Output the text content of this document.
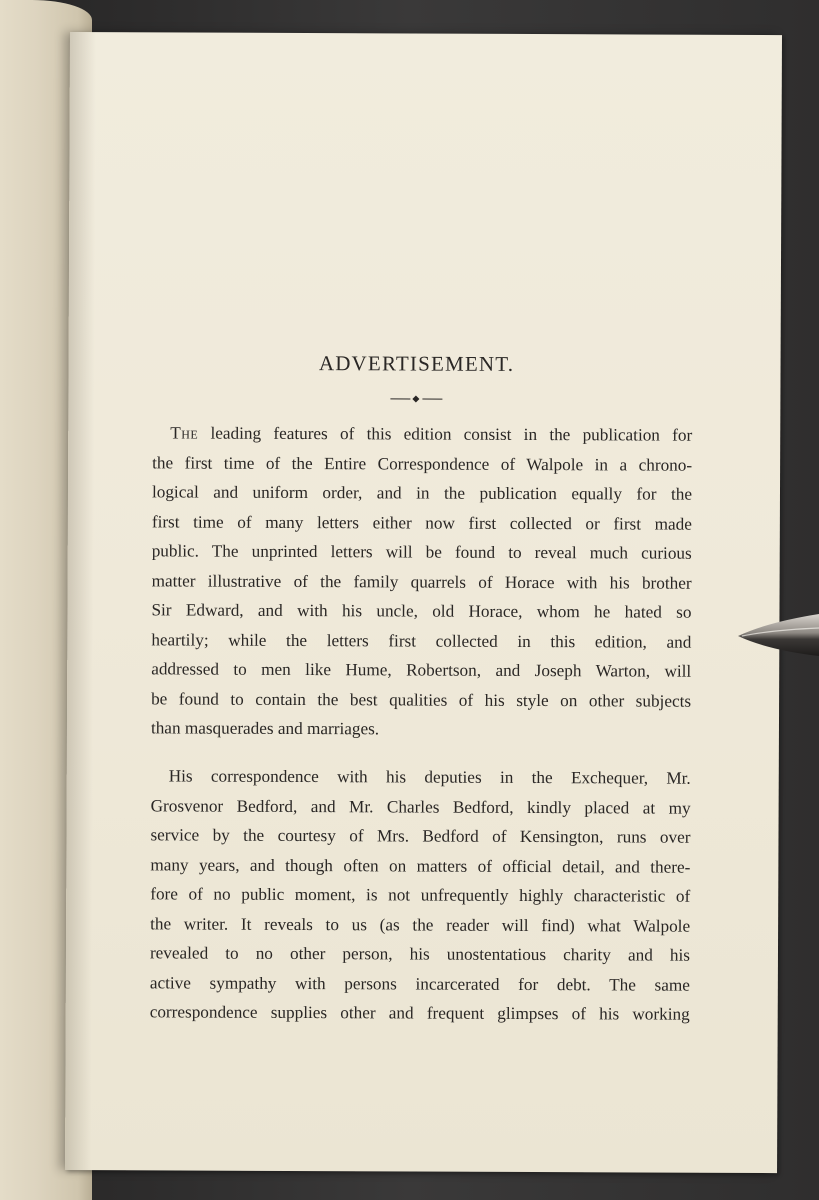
ADVERTISEMENT.
The leading features of this edition consist in the publication for
the first time of the Entire Correspondence of Walpole in a chrono-
logical and uniform order, and in the publication equally for the
first time of many letters either now first collected or first made
public. The unprinted letters will be found to reveal much curious
matter illustrative of the family quarrels of Horace with his brother
Sir Edward, and with his uncle, old Horace, whom he hated so
heartily; while the letters first collected in this edition, and
addressed to men like Hume, Robertson, and Joseph Warton, will
be found to contain the best qualities of his style on other subjects
than masquerades and marriages.
His correspondence with his deputies in the Exchequer, Mr.
Grosvenor Bedford, and Mr. Charles Bedford, kindly placed at my
service by the courtesy of Mrs. Bedford of Kensington, runs over
many years, and though often on matters of official detail, and there-
fore of no public moment, is not unfrequently highly characteristic of
the writer. It reveals to us (as the reader will find) what Walpole
revealed to no other person, his unostentatious charity and his
active sympathy with persons incarcerated for debt. The same
correspondence supplies other and frequent glimpses of his working
